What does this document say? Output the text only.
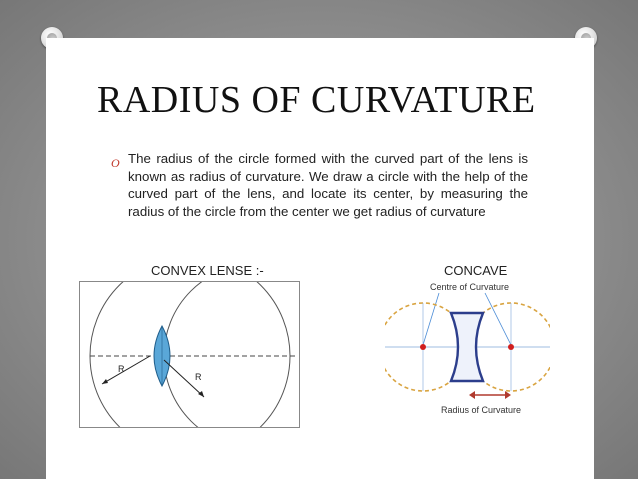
RADIUS OF CURVATURE
O The radius of the circle formed with the curved part of the lens is known as radius of curvature. We draw a circle with the help of the curved part of the lens, and locate its center, by measuring the radius of the circle from the center we get radius of curvature
CONVEX LENSE :-	CONCAVE
R
R
Centre of Curvature
Radius of Curvature
